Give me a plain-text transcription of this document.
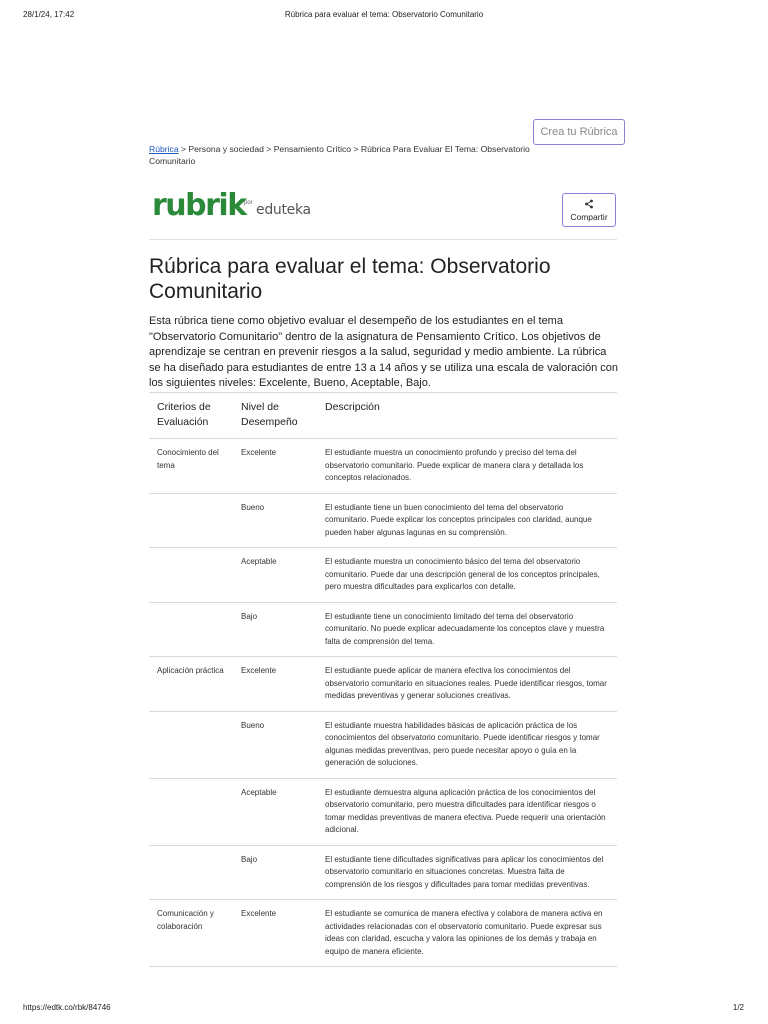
28/1/24, 17:42	Rúbrica para evaluar el tema: Observatorio Comunitario
Crea tu Rúbrica
Rúbrica > Persona y sociedad > Pensamiento Crítico > Rúbrica Para Evaluar El Tema: Observatorio Comunitario
rubrik
por eduteka	Compartir
Rúbrica para evaluar el tema: Observatorio Comunitario

Esta rúbrica tiene como objetivo evaluar el desempeño de los estudiantes en el tema "Observatorio Comunitario" dentro de la asignatura de Pensamiento Crítico. Los objetivos de aprendizaje se centran en prevenir riesgos a la salud, seguridad y medio ambiente. La rúbrica se ha diseñado para estudiantes de entre 13 a 14 años y se utiliza una escala de valoración con los siguientes niveles: Excelente, Bueno, Aceptable, Bajo.

Criterios de Evaluación	Nivel de Desempeño	Descripción
Conocimiento del tema	Excelente	El estudiante muestra un conocimiento profundo y preciso del tema del observatorio comunitario. Puede explicar de manera clara y detallada los conceptos relacionados.
	Bueno	El estudiante tiene un buen conocimiento del tema del observatorio comunitario. Puede explicar los conceptos principales con claridad, aunque pueden haber algunas lagunas en su comprensión.
	Aceptable	El estudiante muestra un conocimiento básico del tema del observatorio comunitario. Puede dar una descripción general de los conceptos principales, pero muestra dificultades para explicarlos con detalle.
	Bajo	El estudiante tiene un conocimiento limitado del tema del observatorio comunitario. No puede explicar adecuadamente los conceptos clave y muestra falta de comprensión del tema.
Aplicación práctica	Excelente	El estudiante puede aplicar de manera efectiva los conocimientos del observatorio comunitario en situaciones reales. Puede identificar riesgos, tomar medidas preventivas y generar soluciones creativas.
	Bueno	El estudiante muestra habilidades básicas de aplicación práctica de los conocimientos del observatorio comunitario. Puede identificar riesgos y tomar algunas medidas preventivas, pero puede necesitar apoyo o guía en la generación de soluciones.
	Aceptable	El estudiante demuestra alguna aplicación práctica de los conocimientos del observatorio comunitario, pero muestra dificultades para identificar riesgos o tomar medidas preventivas de manera efectiva. Puede requerir una orientación adicional.
	Bajo	El estudiante tiene dificultades significativas para aplicar los conocimientos del observatorio comunitario en situaciones concretas. Muestra falta de comprensión de los riesgos y dificultades para tomar medidas preventivas.
Comunicación y colaboración	Excelente	El estudiante se comunica de manera efectiva y colabora de manera activa en actividades relacionadas con el observatorio comunitario. Puede expresar sus ideas con claridad, escucha y valora las opiniones de los demás y trabaja en equipo de manera eficiente.
https://edtk.co/rbk/84746	1/2
